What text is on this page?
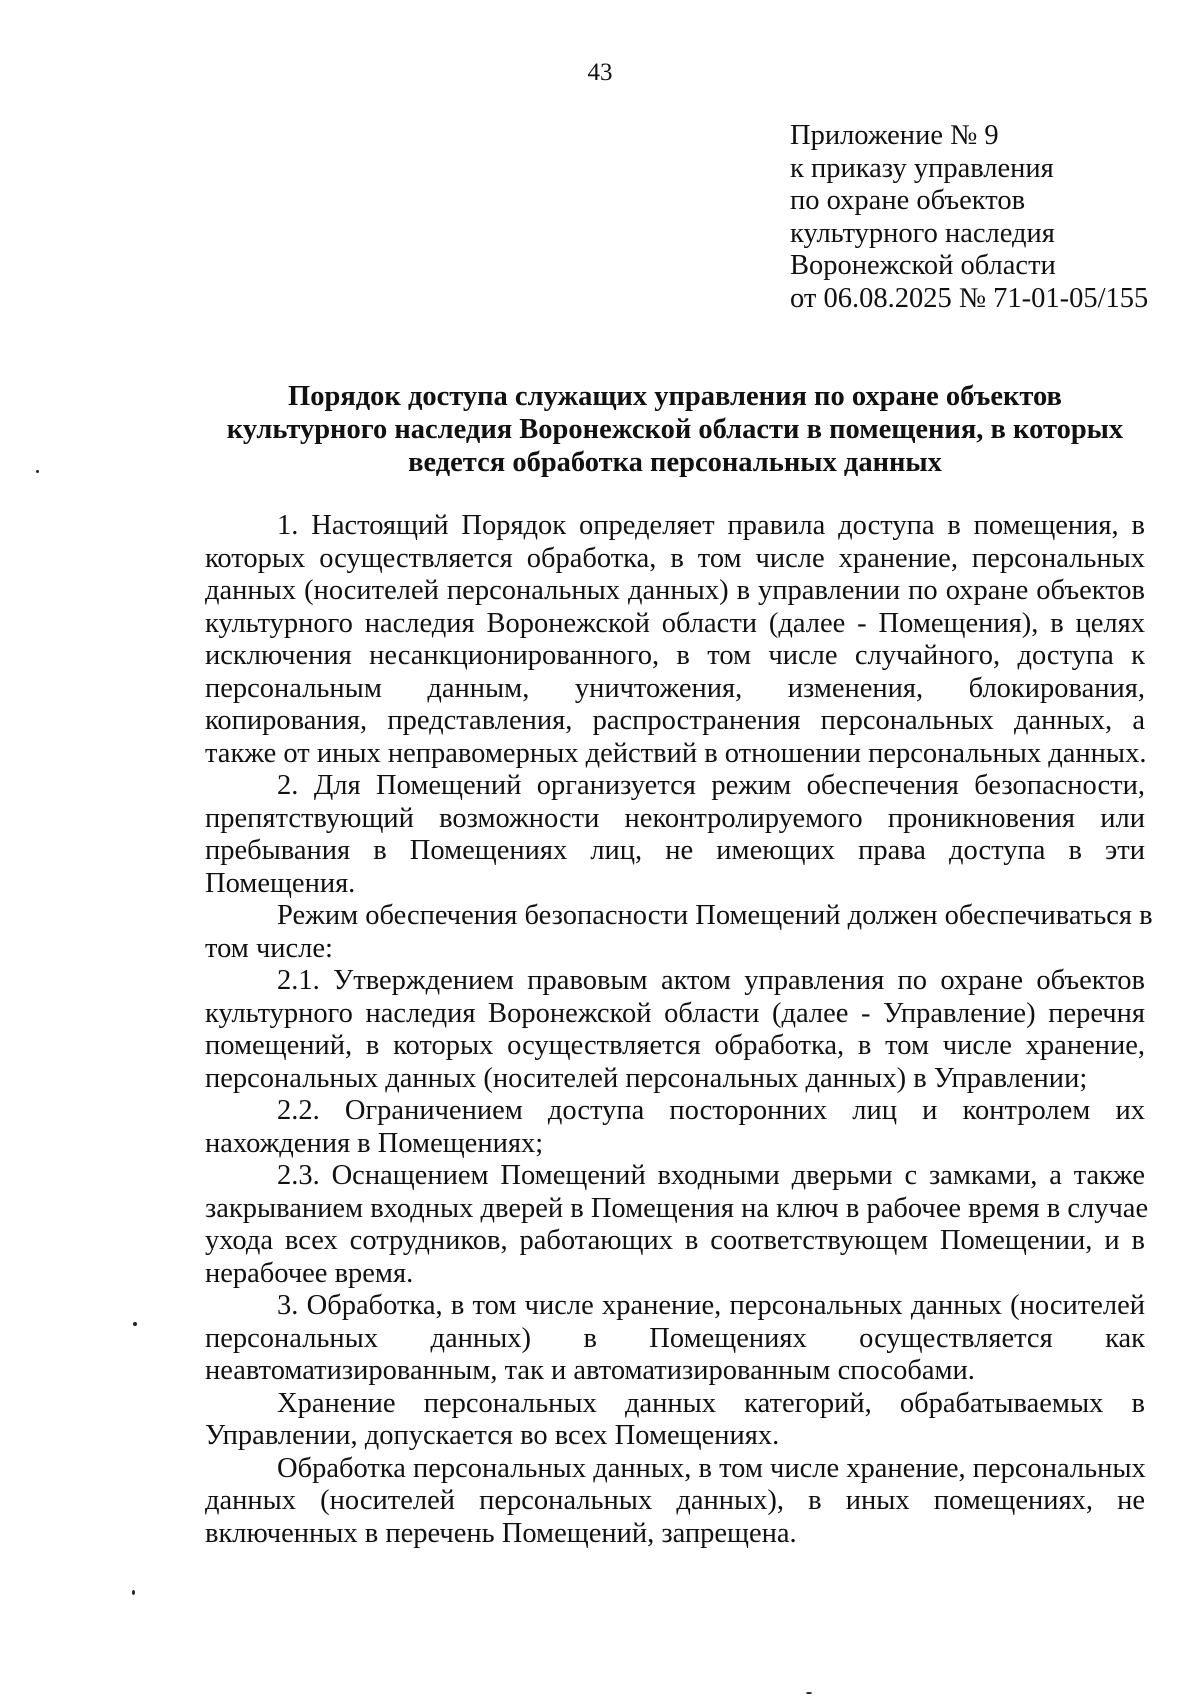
43
Приложение № 9
к приказу управления
по охране объектов
культурного наследия
Воронежской области
от 06.08.2025 № 71-01-05/155
Порядок доступа служащих управления по охране объектов
культурного наследия Воронежской области в помещения, в которых
ведется обработка персональных данных
1. Настоящий Порядок определяет правила доступа в помещения, в
которых осуществляется обработка, в том числе хранение, персональных
данных (носителей персональных данных) в управлении по охране объектов
культурного наследия Воронежской области (далее - Помещения), в целях
исключения несанкционированного, в том числе случайного, доступа к
персональным данным, уничтожения, изменения, блокирования,
копирования, представления, распространения персональных данных, а
также от иных неправомерных действий в отношении персональных данных.
2. Для Помещений организуется режим обеспечения безопасности,
препятствующий возможности неконтролируемого проникновения или
пребывания в Помещениях лиц, не имеющих права доступа в эти
Помещения.
Режим обеспечения безопасности Помещений должен обеспечиваться в
том числе:
2.1. Утверждением правовым актом управления по охране объектов
культурного наследия Воронежской области (далее - Управление) перечня
помещений, в которых осуществляется обработка, в том числе хранение,
персональных данных (носителей персональных данных) в Управлении;
2.2. Ограничением доступа посторонних лиц и контролем их
нахождения в Помещениях;
2.3. Оснащением Помещений входными дверьми с замками, а также
закрыванием входных дверей в Помещения на ключ в рабочее время в случае
ухода всех сотрудников, работающих в соответствующем Помещении, и в
нерабочее время.
3. Обработка, в том числе хранение, персональных данных (носителей
персональных данных) в Помещениях осуществляется как
неавтоматизированным, так и автоматизированным способами.
Хранение персональных данных категорий, обрабатываемых в
Управлении, допускается во всех Помещениях.
Обработка персональных данных, в том числе хранение, персональных
данных (носителей персональных данных), в иных помещениях, не
включенных в перечень Помещений, запрещена.
